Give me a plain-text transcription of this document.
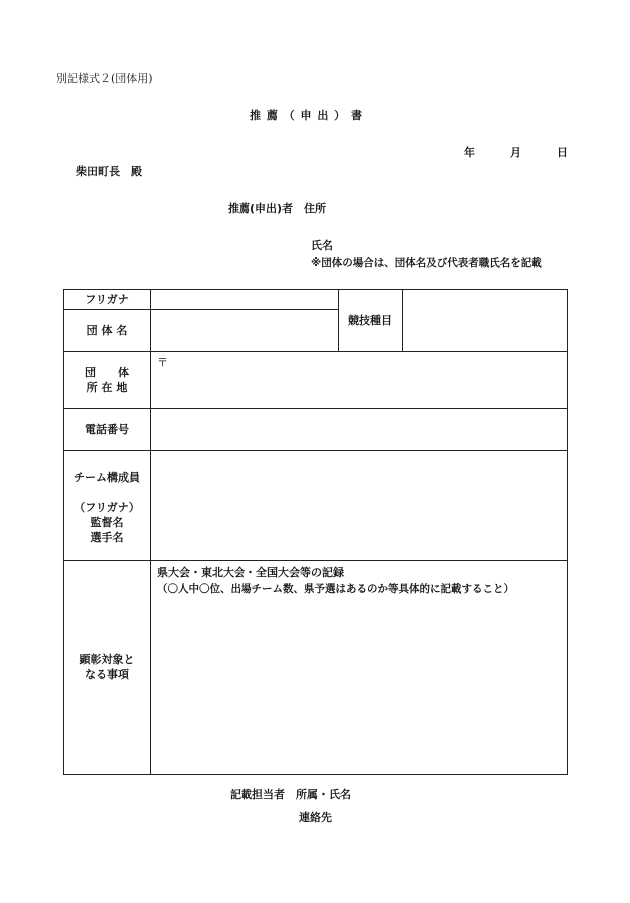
別記様式２(団体用)
推 薦 （ 申 出 ） 書
年	月	日
柴田町長　殿
推薦(申出)者　住所
氏名
※団体の場合は、団体名及び代表者職氏名を記載
フリガナ
団 体 名
競技種目
団　　体
所 在 地
〒
電話番号
チーム構成員
（フリガナ）
監督名
選手名
顕彰対象と
なる事項
県大会・東北大会・全国大会等の記録
（〇人中〇位、出場チーム数、県予選はあるのか等具体的に記載すること）
記載担当者　所属・氏名
連絡先
